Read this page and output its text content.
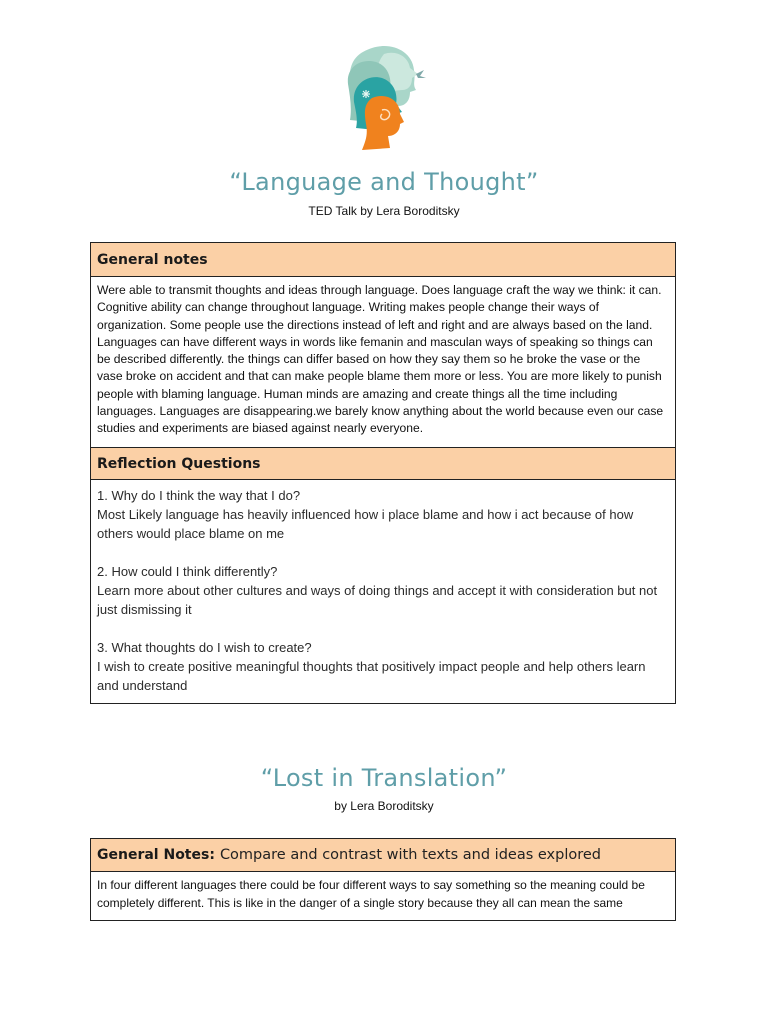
“Language and Thought”
TED Talk by Lera Boroditsky
General notes
Were able to transmit thoughts and ideas through language. Does language craft the way we think: it can. Cognitive ability can change throughout language. Writing makes people change their ways of organization. Some people use the directions instead of left and right and are always based on the land. Languages can have different ways in words like femanin and masculan ways of speaking so things can be described differently. the things can differ based on how they say them so he broke the vase or the vase broke on accident and that can make people blame them more or less. You are more likely to punish people with blaming language. Human minds are amazing and create things all the time including languages. Languages are disappearing.we barely know anything about the world because even our case studies and experiments are biased against nearly everyone.
Reflection Questions

1. Why do I think the way that I do?
Most Likely language has heavily influenced how i place blame and how i act because of how others would place blame on me

2. How could I think differently?
Learn more about other cultures and ways of doing things and accept it with consideration but not just dismissing it

3. What thoughts do I wish to create?
I wish to create positive meaningful thoughts that positively impact people and help others learn and understand

“Lost in Translation”
by Lera Boroditsky
General Notes: Compare and contrast with texts and ideas explored
In four different languages there could be four different ways to say something so the meaning could be completely different. This is like in the danger of a single story because they all can mean the same
